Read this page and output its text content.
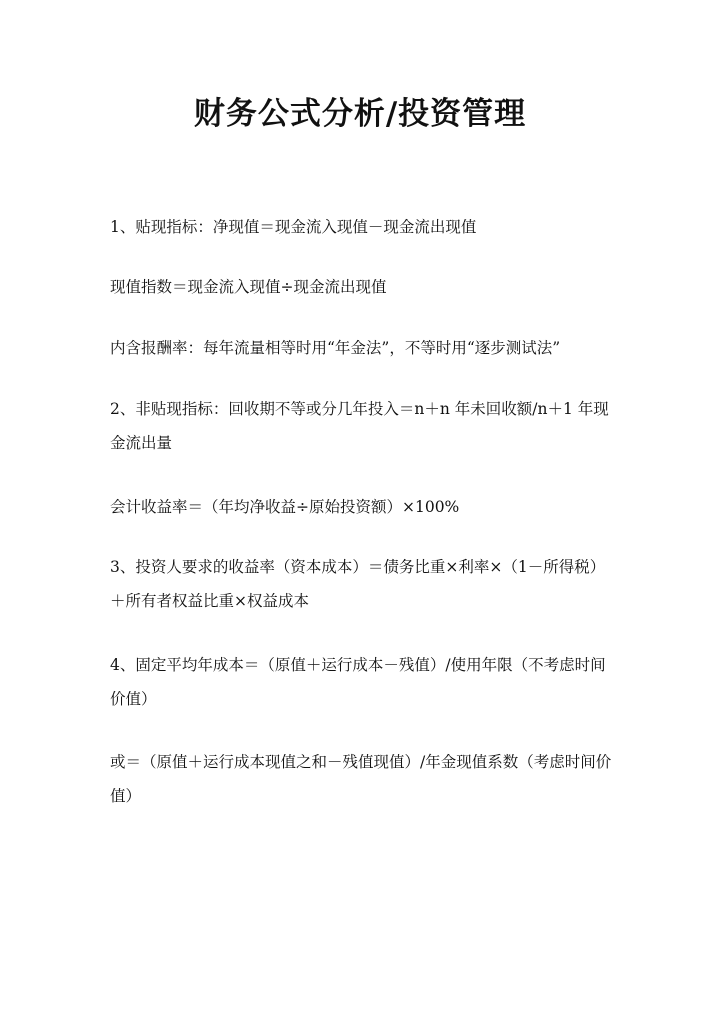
财务公式分析/投资管理

1、贴现指标：净现值＝现金流入现值－现金流出现值

现值指数＝现金流入现值÷现金流出现值

内含报酬率：每年流量相等时用“年金法”，不等时用“逐步测试法”

2、非贴现指标：回收期不等或分几年投入＝n＋n 年未回收额/n＋1 年现金流出量

会计收益率＝（年均净收益÷原始投资额）×100%

3、投资人要求的收益率（资本成本）＝债务比重×利率×（1－所得税）＋所有者权益比重×权益成本

4、固定平均年成本＝（原值＋运行成本－残值）/使用年限（不考虑时间价值）

或＝（原值＋运行成本现值之和－残值现值）/年金现值系数（考虑时间价值）
